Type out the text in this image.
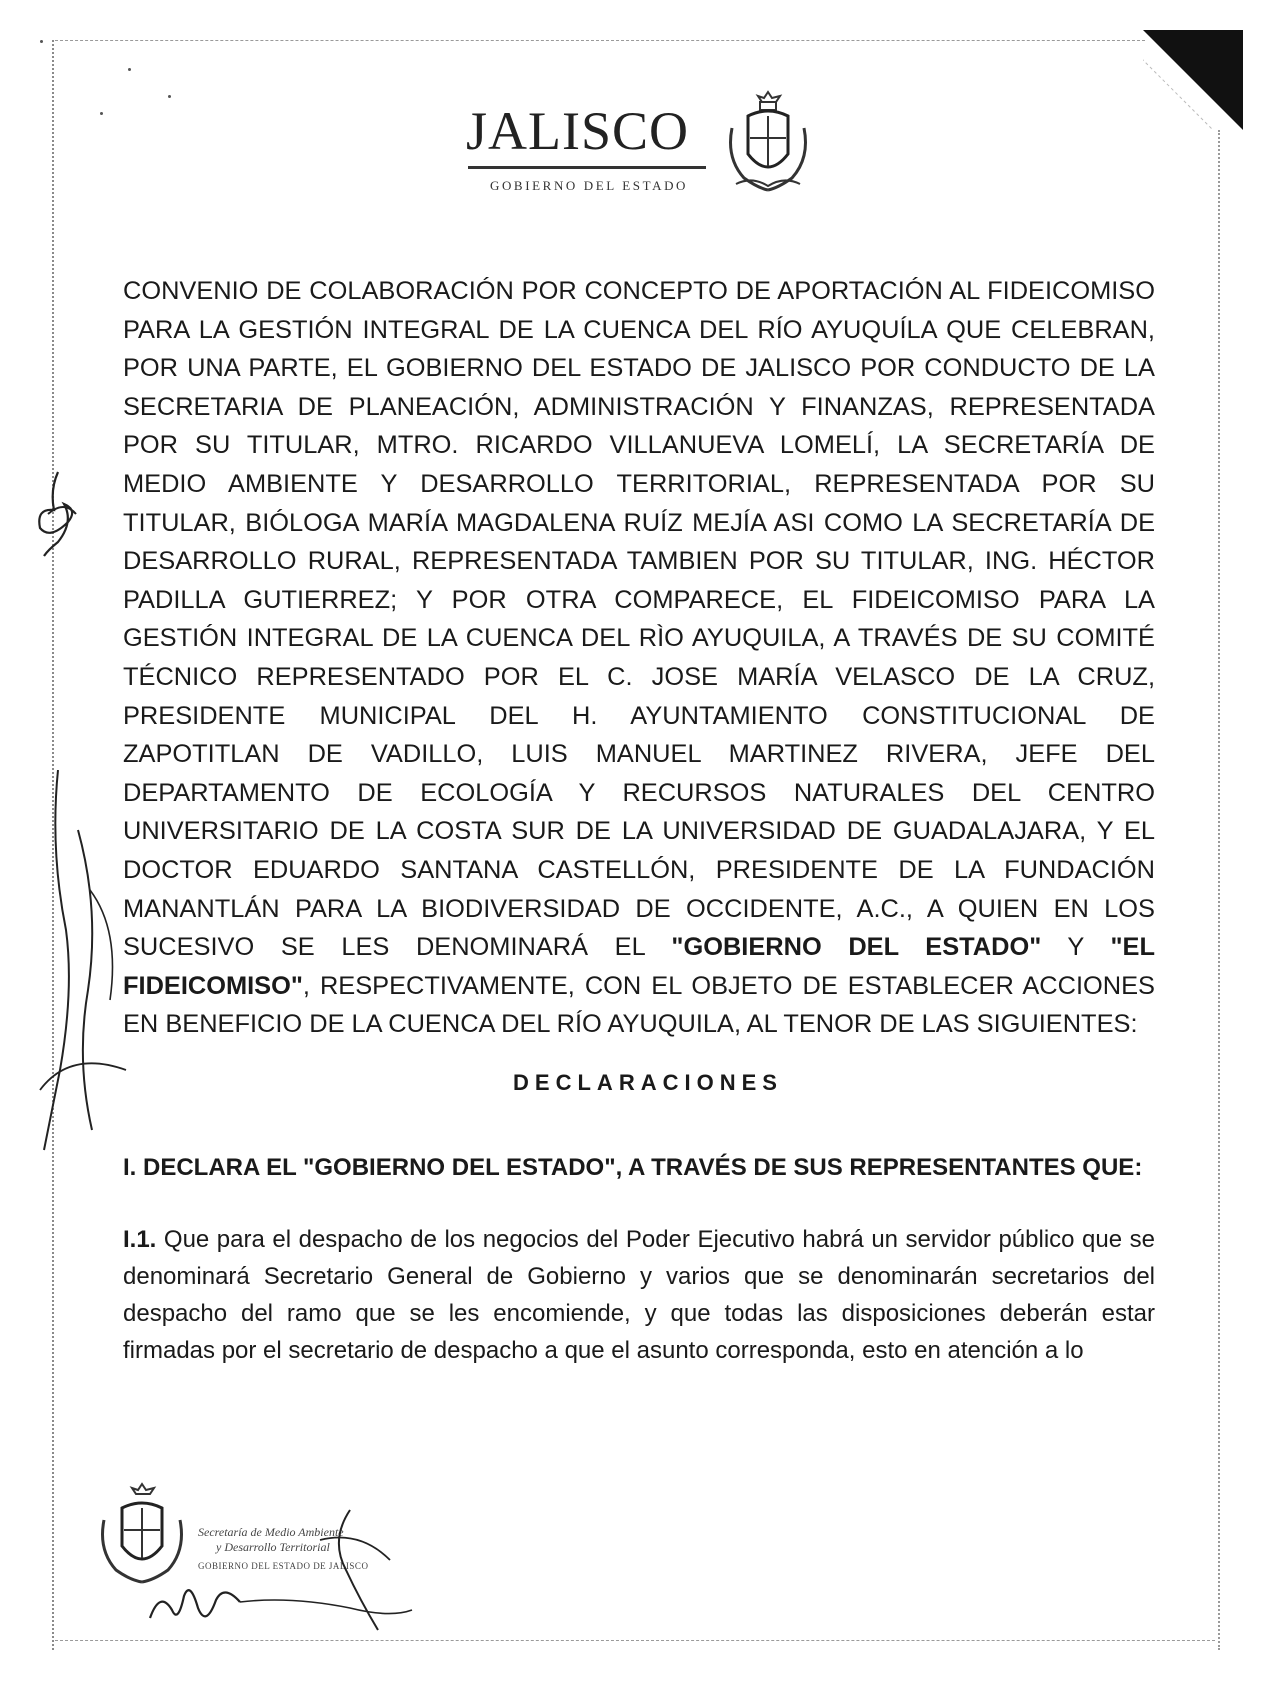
JALISCO
GOBIERNO DEL ESTADO

CONVENIO DE COLABORACIÓN POR CONCEPTO DE APORTACIÓN AL FIDEICOMISO PARA LA GESTIÓN INTEGRAL DE LA CUENCA DEL RÍO AYUQUÍLA QUE CELEBRAN, POR UNA PARTE, EL GOBIERNO DEL ESTADO DE JALISCO POR CONDUCTO DE LA SECRETARIA DE PLANEACIÓN, ADMINISTRACIÓN Y FINANZAS, REPRESENTADA POR SU TITULAR, MTRO. RICARDO VILLANUEVA LOMELÍ, LA SECRETARÍA DE MEDIO AMBIENTE Y DESARROLLO TERRITORIAL, REPRESENTADA POR SU TITULAR, BIÓLOGA MARÍA MAGDALENA RUÍZ MEJÍA ASI COMO LA SECRETARÍA DE DESARROLLO RURAL, REPRESENTADA TAMBIEN POR SU TITULAR, ING. HÉCTOR PADILLA GUTIERREZ; Y POR OTRA COMPARECE, EL FIDEICOMISO PARA LA GESTIÓN INTEGRAL DE LA CUENCA DEL RÌO AYUQUILA, A TRAVÉS DE SU COMITÉ TÉCNICO REPRESENTADO POR EL C. JOSE MARÍA VELASCO DE LA CRUZ, PRESIDENTE MUNICIPAL DEL H. AYUNTAMIENTO CONSTITUCIONAL DE ZAPOTITLAN DE VADILLO, LUIS MANUEL MARTINEZ RIVERA, JEFE DEL DEPARTAMENTO DE ECOLOGÍA Y RECURSOS NATURALES DEL CENTRO UNIVERSITARIO DE LA COSTA SUR DE LA UNIVERSIDAD DE GUADALAJARA, Y EL DOCTOR EDUARDO SANTANA CASTELLÓN, PRESIDENTE DE LA FUNDACIÓN MANANTLÁN PARA LA BIODIVERSIDAD DE OCCIDENTE, A.C., A QUIEN EN LOS SUCESIVO SE LES DENOMINARÁ EL "GOBIERNO DEL ESTADO" Y "EL FIDEICOMISO", RESPECTIVAMENTE, CON EL OBJETO DE ESTABLECER ACCIONES EN BENEFICIO DE LA CUENCA DEL RÍO AYUQUILA, AL TENOR DE LAS SIGUIENTES:

DECLARACIONES

I. DECLARA EL "GOBIERNO DEL ESTADO", A TRAVÉS DE SUS REPRESENTANTES QUE:

I.1. Que para el despacho de los negocios del Poder Ejecutivo habrá un servidor público que se denominará Secretario General de Gobierno y varios que se denominarán secretarios del despacho del ramo que se les encomiende, y que todas las disposiciones deberán estar firmadas por el secretario de despacho a que el asunto corresponda, esto en atención a lo

Secretaría de Medio Ambiente
y Desarrollo Territorial
GOBIERNO DEL ESTADO DE JALISCO
